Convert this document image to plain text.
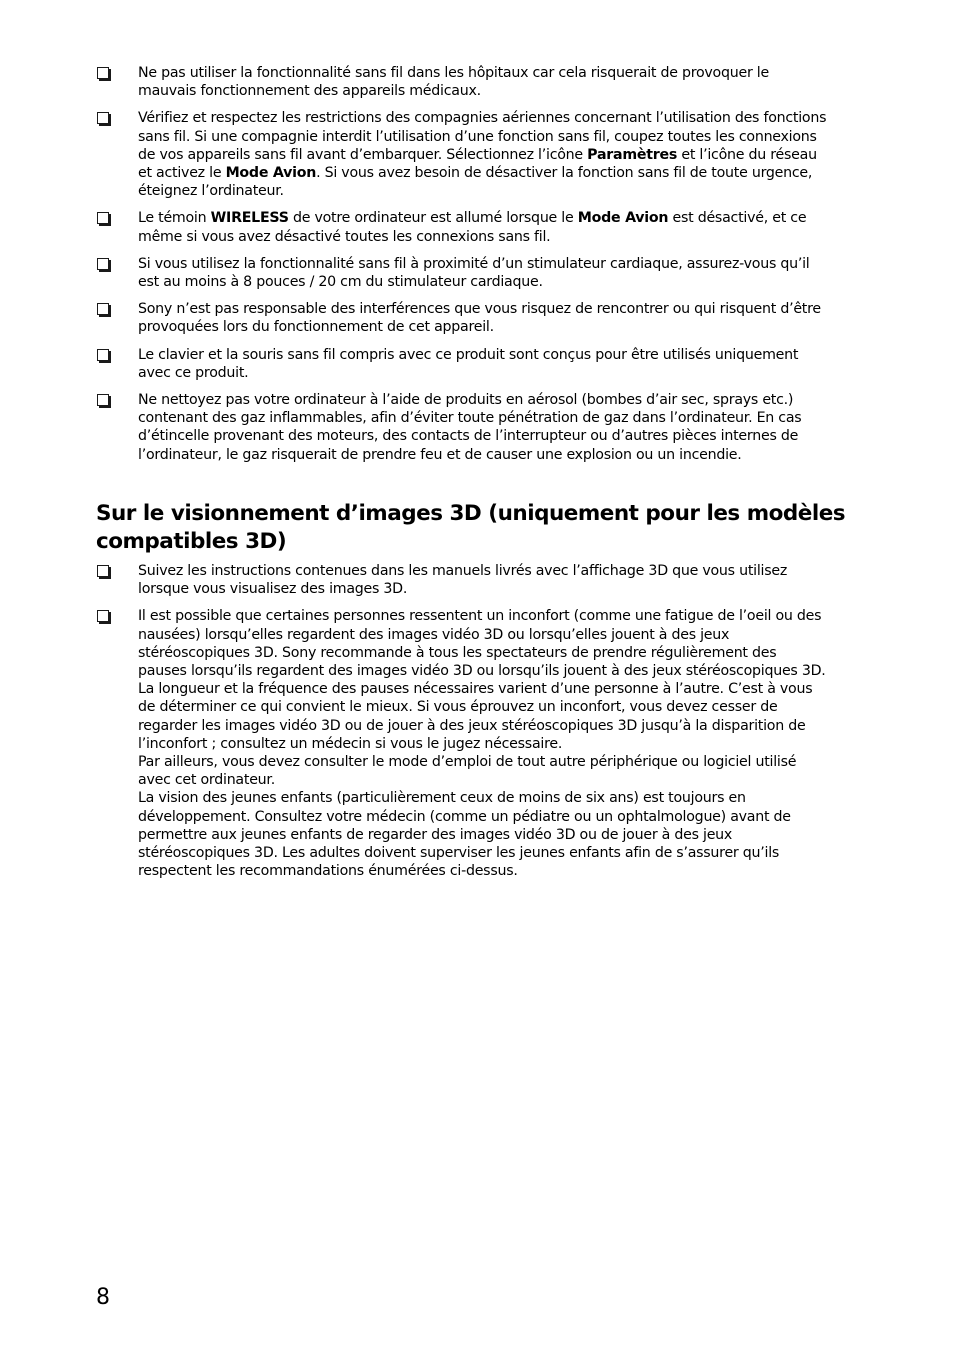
Ne pas utiliser la fonctionnalité sans fil dans les hôpitaux car cela risquerait de provoquer le mauvais fonctionnement des appareils médicaux.
Vérifiez et respectez les restrictions des compagnies aériennes concernant l’utilisation des fonctions sans fil. Si une compagnie interdit l’utilisation d’une fonction sans fil, coupez toutes les connexions de vos appareils sans fil avant d’embarquer. Sélectionnez l’icône Paramètres et l’icône du réseau et activez le Mode Avion. Si vous avez besoin de désactiver la fonction sans fil de toute urgence, éteignez l’ordinateur.
Le témoin WIRELESS de votre ordinateur est allumé lorsque le Mode Avion est désactivé, et ce même si vous avez désactivé toutes les connexions sans fil.
Si vous utilisez la fonctionnalité sans fil à proximité d’un stimulateur cardiaque, assurez-vous qu’il est au moins à 8 pouces / 20 cm du stimulateur cardiaque.
Sony n’est pas responsable des interférences que vous risquez de rencontrer ou qui risquent d’être provoquées lors du fonctionnement de cet appareil.
Le clavier et la souris sans fil compris avec ce produit sont conçus pour être utilisés uniquement avec ce produit.
Ne nettoyez pas votre ordinateur à l’aide de produits en aérosol (bombes d’air sec, sprays etc.) contenant des gaz inflammables, afin d’éviter toute pénétration de gaz dans l’ordinateur. En cas d’étincelle provenant des moteurs, des contacts de l’interrupteur ou d’autres pièces internes de l’ordinateur, le gaz risquerait de prendre feu et de causer une explosion ou un incendie.
Sur le visionnement d’images 3D (uniquement pour les modèles compatibles 3D)
Suivez les instructions contenues dans les manuels livrés avec l’affichage 3D que vous utilisez lorsque vous visualisez des images 3D.
Il est possible que certaines personnes ressentent un inconfort (comme une fatigue de l’oeil ou des nausées) lorsqu’elles regardent des images vidéo 3D ou lorsqu’elles jouent à des jeux stéréoscopiques 3D. Sony recommande à tous les spectateurs de prendre régulièrement des pauses lorsqu’ils regardent des images vidéo 3D ou lorsqu’ils jouent à des jeux stéréoscopiques 3D. La longueur et la fréquence des pauses nécessaires varient d’une personne à l’autre. C’est à vous de déterminer ce qui convient le mieux. Si vous éprouvez un inconfort, vous devez cesser de regarder les images vidéo 3D ou de jouer à des jeux stéréoscopiques 3D jusqu’à la disparition de l’inconfort ; consultez un médecin si vous le jugez nécessaire.
Par ailleurs, vous devez consulter le mode d’emploi de tout autre périphérique ou logiciel utilisé avec cet ordinateur.
La vision des jeunes enfants (particulièrement ceux de moins de six ans) est toujours en développement. Consultez votre médecin (comme un pédiatre ou un ophtalmologue) avant de permettre aux jeunes enfants de regarder des images vidéo 3D ou de jouer à des jeux stéréoscopiques 3D. Les adultes doivent superviser les jeunes enfants afin de s’assurer qu’ils respectent les recommandations énumérées ci-dessus.
8
